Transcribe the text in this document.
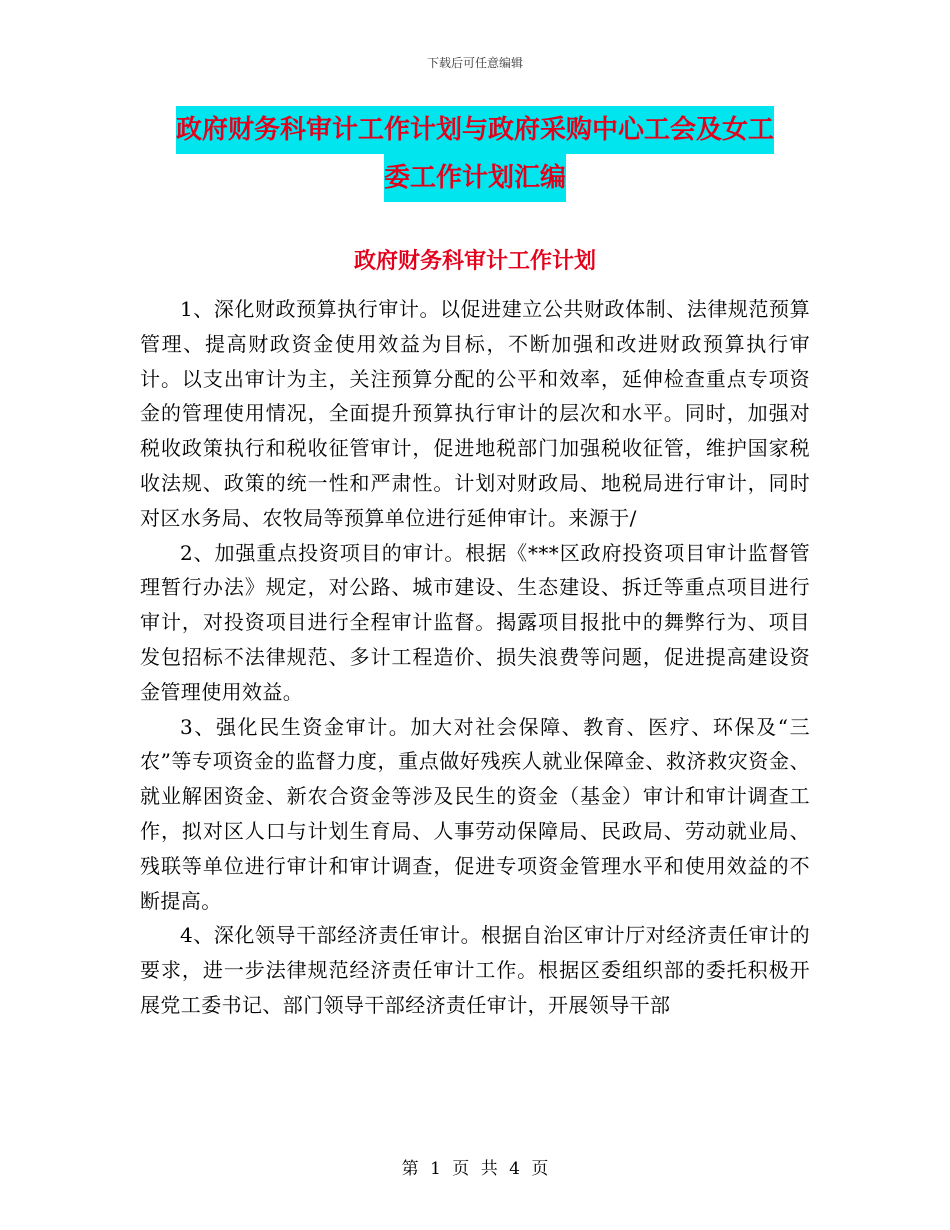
下载后可任意编辑
政府财务科审计工作计划与政府采购中心工会及女工
委工作计划汇编
政府财务科审计工作计划

1、深化财政预算执行审计。以促进建立公共财政体制、法律规范预算管理、提高财政资金使用效益为目标，不断加强和改进财政预算执行审计。以支出审计为主，关注预算分配的公平和效率，延伸检查重点专项资金的管理使用情况，全面提升预算执行审计的层次和水平。同时，加强对税收政策执行和税收征管审计，促进地税部门加强税收征管，维护国家税收法规、政策的统一性和严肃性。计划对财政局、地税局进行审计，同时对区水务局、农牧局等预算单位进行延伸审计。来源于/

2、加强重点投资项目的审计。根据《***区政府投资项目审计监督管理暂行办法》规定，对公路、城市建设、生态建设、拆迁等重点项目进行审计，对投资项目进行全程审计监督。揭露项目报批中的舞弊行为、项目发包招标不法律规范、多计工程造价、损失浪费等问题，促进提高建设资金管理使用效益。

3、强化民生资金审计。加大对社会保障、教育、医疗、环保及“三农”等专项资金的监督力度，重点做好残疾人就业保障金、救济救灾资金、就业解困资金、新农合资金等涉及民生的资金（基金）审计和审计调查工作，拟对区人口与计划生育局、人事劳动保障局、民政局、劳动就业局、残联等单位进行审计和审计调查，促进专项资金管理水平和使用效益的不断提高。

4、深化领导干部经济责任审计。根据自治区审计厅对经济责任审计的要求，进一步法律规范经济责任审计工作。根据区委组织部的委托积极开展党工委书记、部门领导干部经济责任审计，开展领导干部

第 1 页 共 4 页
